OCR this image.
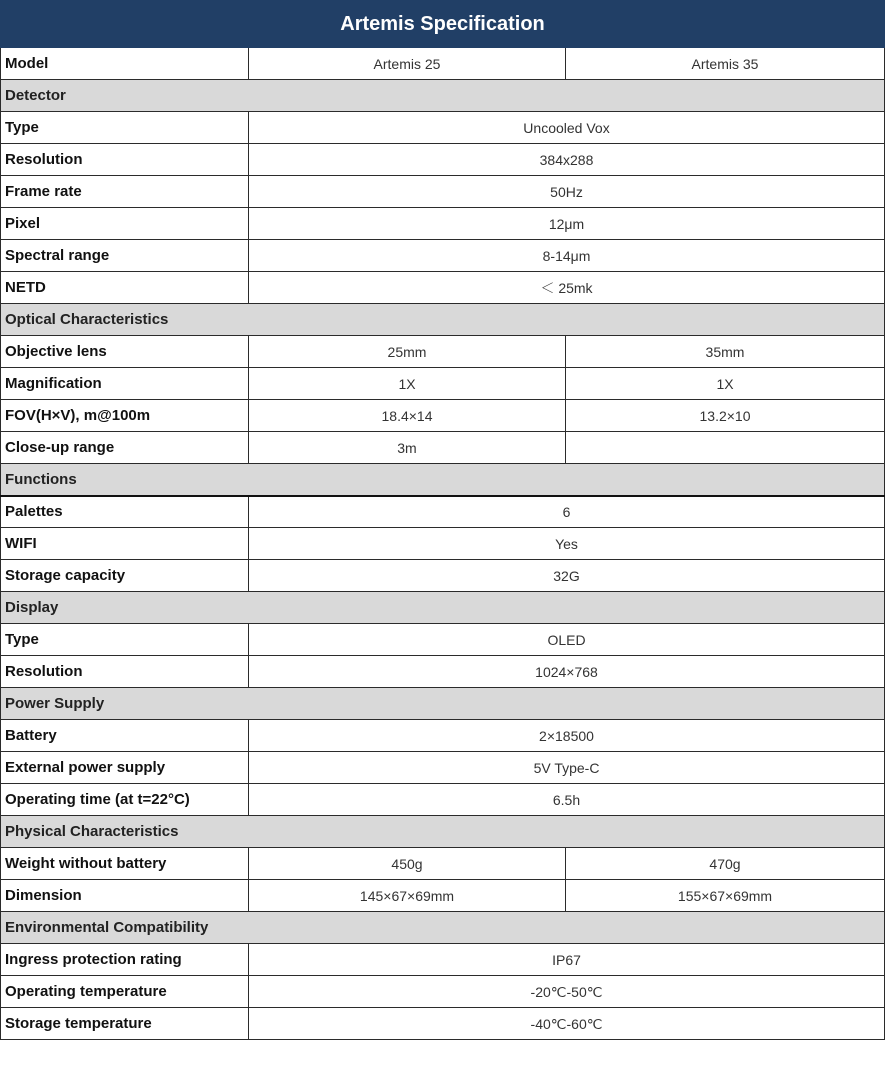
Artemis Specification		
Model	Artemis 25	Artemis 35
Detector		
Type	Uncooled Vox	
Resolution	384x288	
Frame rate	50Hz	
Pixel	12μm	
Spectral range	8-14μm	
NETD	＜ 25mk	
Optical Characteristics		
Objective lens	25mm	35mm
Magnification	1X	1X
FOV(H×V), m@100m	18.4×14	13.2×10
Close-up range	3m	
Functions		
Palettes	6	
WIFI	Yes	
Storage capacity	32G	
Display		
Type	OLED	
Resolution	1024×768	
Power Supply		
Battery	2×18500	
External power supply	5V Type-C	
Operating time (at t=22°C)	6.5h	
Physical Characteristics		
Weight without battery	450g	470g
Dimension	145×67×69mm	155×67×69mm
Environmental Compatibility		
Ingress protection rating	IP67	
Operating temperature	-20℃-50℃	
Storage temperature	-40℃-60℃	
